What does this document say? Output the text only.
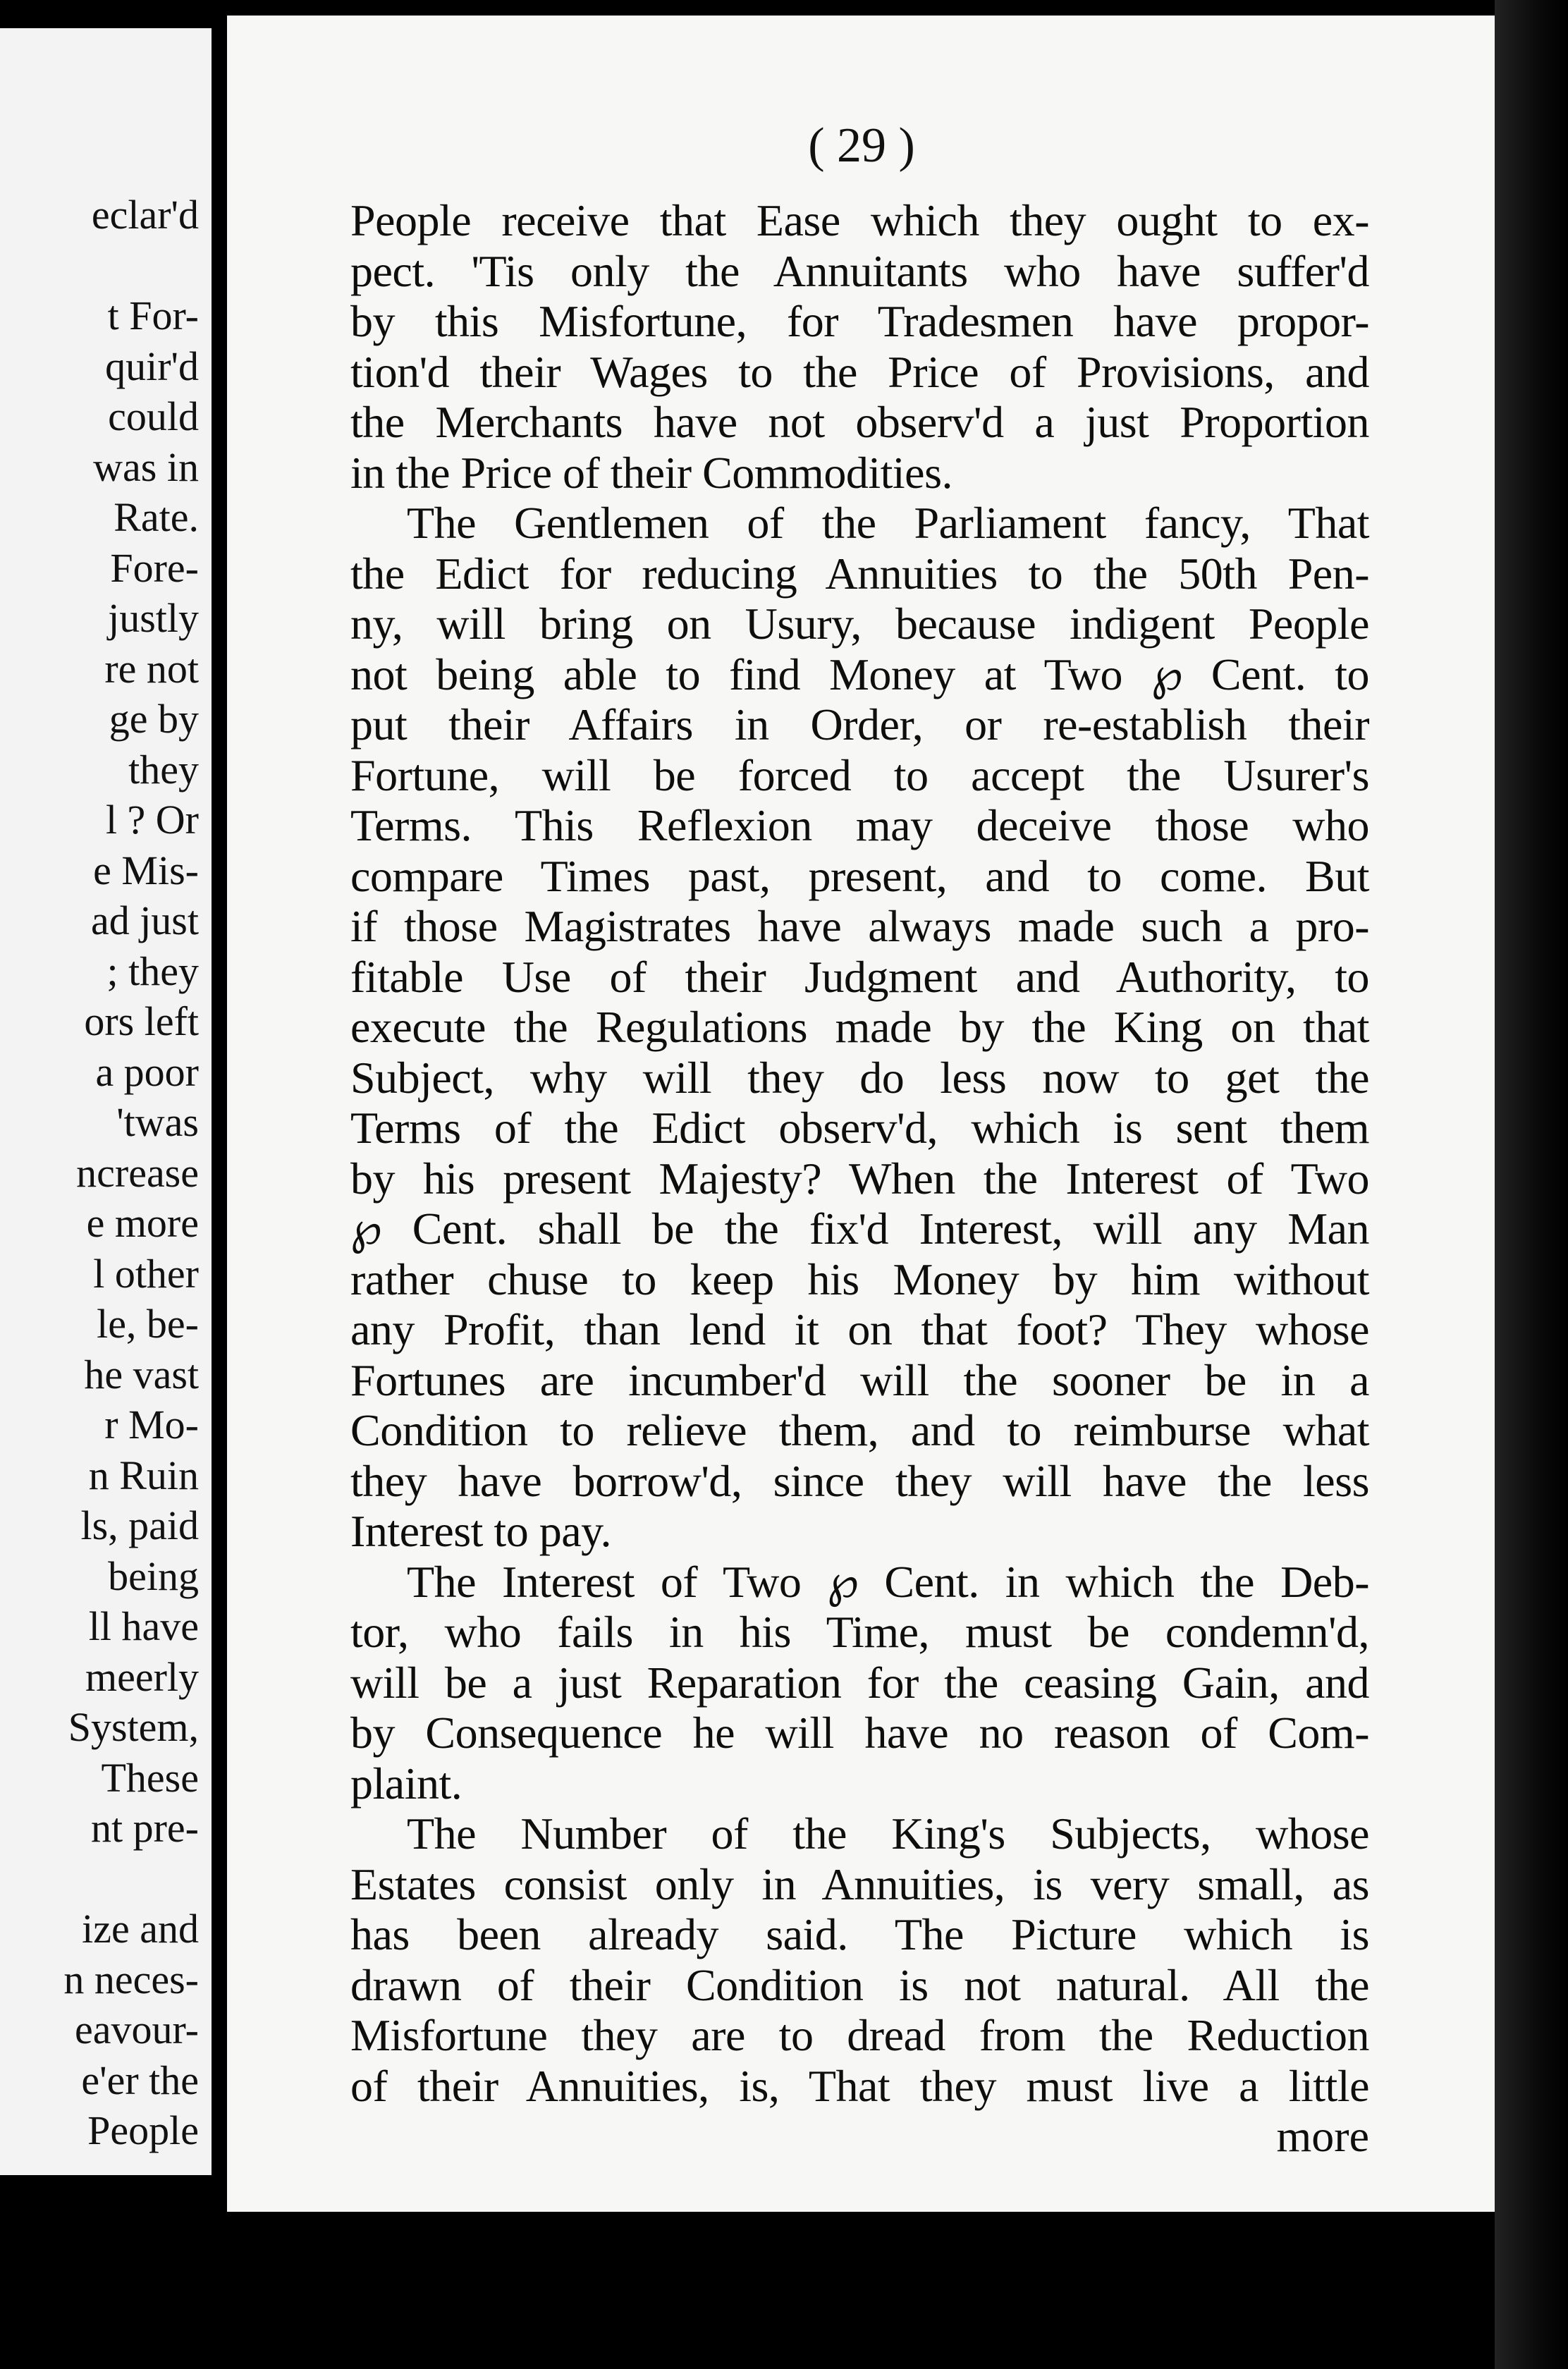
eclar'd
t For-
quir'd
could
was in
Rate.
Fore-
justly
re not
ge by
they
l ? Or
e Mis-
ad just
; they
ors left
a poor
'twas
ncrease
e more
l other
le, be-
he vast
r Mo-
n Ruin
ls, paid
being
ll have
meerly
System,
These
nt pre-
ize and
n neces-
eavour-
e'er the
People
( 29 )
People receive that Ease which they ought to ex-
pect. 'Tis only the Annuitants who have suffer'd
by this Misfortune, for Tradesmen have propor-
tion'd their Wages to the Price of Provisions, and
the Merchants have not observ'd a just Proportion
in the Price of their Commodities.
The Gentlemen of the Parliament fancy, That
the Edict for reducing Annuities to the 50th Pen-
ny, will bring on Usury, because indigent People
not being able to find Money at Two ℘ Cent. to
put their Affairs in Order, or re-establish their
Fortune, will be forced to accept the Usurer's
Terms. This Reflexion may deceive those who
compare Times past, present, and to come. But
if those Magistrates have always made such a pro-
fitable Use of their Judgment and Authority, to
execute the Regulations made by the King on that
Subject, why will they do less now to get the
Terms of the Edict observ'd, which is sent them
by his present Majesty? When the Interest of Two
℘ Cent. shall be the fix'd Interest, will any Man
rather chuse to keep his Money by him without
any Profit, than lend it on that foot? They whose
Fortunes are incumber'd will the sooner be in a
Condition to relieve them, and to reimburse what
they have borrow'd, since they will have the less
Interest to pay.
The Interest of Two ℘ Cent. in which the Deb-
tor, who fails in his Time, must be condemn'd,
will be a just Reparation for the ceasing Gain, and
by Consequence he will have no reason of Com-
plaint.
The Number of the King's Subjects, whose
Estates consist only in Annuities, is very small, as
has been already said. The Picture which is
drawn of their Condition is not natural. All the
Misfortune they are to dread from the Reduction
of their Annuities, is, That they must live a little
more
